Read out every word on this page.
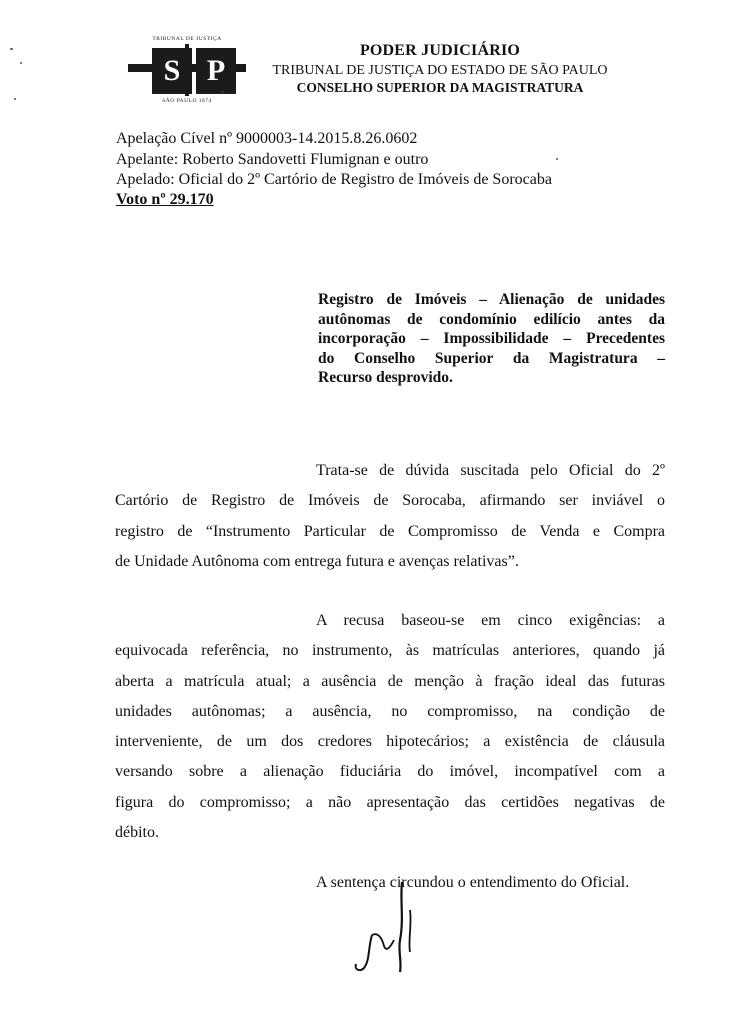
TRIBUNAL DE JUSTIÇA
S P
SÃO PAULO 1874
PODER JUDICIÁRIO
TRIBUNAL DE JUSTIÇA DO ESTADO DE SÃO PAULO
CONSELHO SUPERIOR DA MAGISTRATURA
Apelação Cível nº 9000003-14.2015.8.26.0602
Apelante: Roberto Sandovetti Flumignan e outro
Apelado: Oficial do 2º Cartório de Registro de Imóveis de Sorocaba
Voto nº 29.170
Registro de Imóveis – Alienação de unidades
autônomas de condomínio edilício antes da
incorporação – Impossibilidade – Precedentes
do Conselho Superior da Magistratura –
Recurso desprovido.
Trata-se de dúvida suscitada pelo Oficial do 2º
Cartório de Registro de Imóveis de Sorocaba, afirmando ser inviável o
registro de “Instrumento Particular de Compromisso de Venda e Compra
de Unidade Autônoma com entrega futura e avenças relativas”.
A recusa baseou-se em cinco exigências: a
equivocada referência, no instrumento, às matrículas anteriores, quando já
aberta a matrícula atual; a ausência de menção à fração ideal das futuras
unidades autônomas; a ausência, no compromisso, na condição de
interveniente, de um dos credores hipotecários; a existência de cláusula
versando sobre a alienação fiduciária do imóvel, incompatível com a
figura do compromisso; a não apresentação das certidões negativas de
débito.
A sentença circundou o entendimento do Oficial.
